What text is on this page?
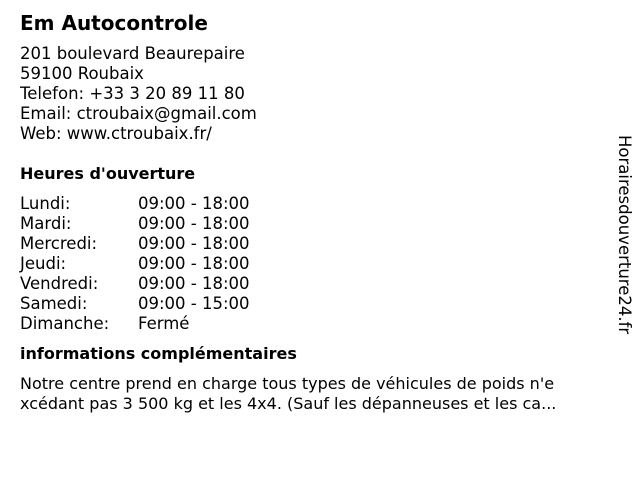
Em Autocontrole
201 boulevard Beaurepaire
59100 Roubaix
Telefon: +33 3 20 89 11 80
Email: ctroubaix@gmail.com
Web: www.ctroubaix.fr/
Heures d'ouverture
Lundi:	09:00 - 18:00
Mardi:	09:00 - 18:00
Mercredi:	09:00 - 18:00
Jeudi:	09:00 - 18:00
Vendredi:	09:00 - 18:00
Samedi:	09:00 - 15:00
Dimanche:	Fermé
informations complémentaires
Notre centre prend en charge tous types de véhicules de poids n'e
xcédant pas 3 500 kg et les 4x4. (Sauf les dépanneuses et les ca...
Horairesdouverture24.fr
